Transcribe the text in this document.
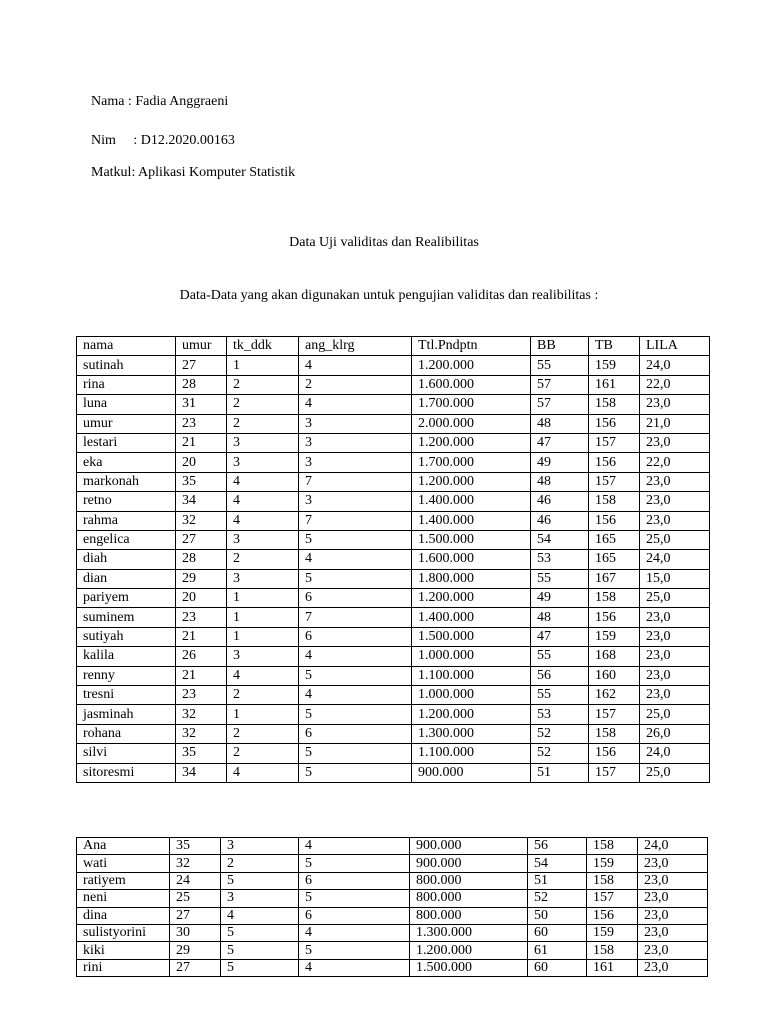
Nama : Fadia Anggraeni
Nim     : D12.2020.00163
Matkul: Aplikasi Komputer Statistik
Data Uji validitas dan Realibilitas
Data-Data yang akan digunakan untuk pengujian validitas dan realibilitas :
nama	umur	tk_ddk	ang_klrg	Ttl.Pndptn	BB	TB	LILA
sutinah	27	1	4	1.200.000	55	159	24,0
rina	28	2	2	1.600.000	57	161	22,0
luna	31	2	4	1.700.000	57	158	23,0
umur	23	2	3	2.000.000	48	156	21,0
lestari	21	3	3	1.200.000	47	157	23,0
eka	20	3	3	1.700.000	49	156	22,0
markonah	35	4	7	1.200.000	48	157	23,0
retno	34	4	3	1.400.000	46	158	23,0
rahma	32	4	7	1.400.000	46	156	23,0
engelica	27	3	5	1.500.000	54	165	25,0
diah	28	2	4	1.600.000	53	165	24,0
dian	29	3	5	1.800.000	55	167	15,0
pariyem	20	1	6	1.200.000	49	158	25,0
suminem	23	1	7	1.400.000	48	156	23,0
sutiyah	21	1	6	1.500.000	47	159	23,0
kalila	26	3	4	1.000.000	55	168	23,0
renny	21	4	5	1.100.000	56	160	23,0
tresni	23	2	4	1.000.000	55	162	23,0
jasminah	32	1	5	1.200.000	53	157	25,0
rohana	32	2	6	1.300.000	52	158	26,0
silvi	35	2	5	1.100.000	52	156	24,0
sitoresmi	34	4	5	900.000	51	157	25,0
Ana	35	3	4	900.000	56	158	24,0
wati	32	2	5	900.000	54	159	23,0
ratiyem	24	5	6	800.000	51	158	23,0
neni	25	3	5	800.000	52	157	23,0
dina	27	4	6	800.000	50	156	23,0
sulistyorini	30	5	4	1.300.000	60	159	23,0
kiki	29	5	5	1.200.000	61	158	23,0
rini	27	5	4	1.500.000	60	161	23,0
